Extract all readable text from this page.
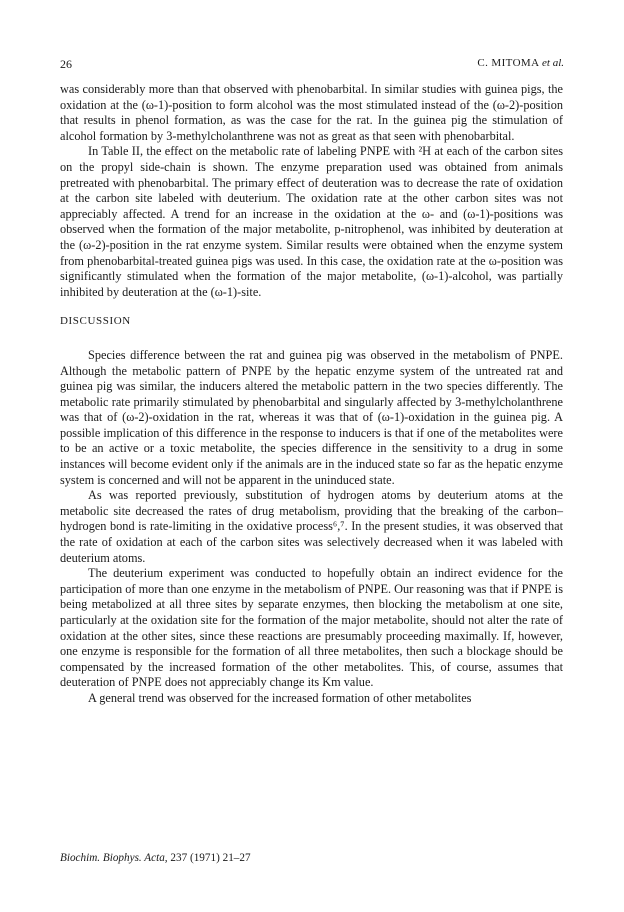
26	C. MITOMA et al.

was considerably more than that observed with phenobarbital. In similar studies with guinea pigs, the oxidation at the (ω-1)-position to form alcohol was the most stimulated instead of the (ω-2)-position that results in phenol formation, as was the case for the rat. In the guinea pig the stimulation of alcohol formation by 3-methylcholanthrene was not as great as that seen with phenobarbital.

In Table II, the effect on the metabolic rate of labeling PNPE with ²H at each of the carbon sites on the propyl side-chain is shown. The enzyme preparation used was obtained from animals pretreated with phenobarbital. The primary effect of deuteration was to decrease the rate of oxidation at the carbon site labeled with deuterium. The oxidation rate at the other carbon sites was not appreciably affected. A trend for an increase in the oxidation at the ω- and (ω-1)-positions was observed when the formation of the major metabolite, p-nitrophenol, was inhibited by deuteration at the (ω-2)-position in the rat enzyme system. Similar results were obtained when the enzyme system from phenobarbital-treated guinea pigs was used. In this case, the oxidation rate at the ω-position was significantly stimulated when the formation of the major metabolite, (ω-1)-alcohol, was partially inhibited by deuteration at the (ω-1)-site.

DISCUSSION

Species difference between the rat and guinea pig was observed in the metabolism of PNPE. Although the metabolic pattern of PNPE by the hepatic enzyme system of the untreated rat and guinea pig was similar, the inducers altered the metabolic pattern in the two species differently. The metabolic rate primarily stimulated by phenobarbital and singularly affected by 3-methylcholanthrene was that of (ω-2)-oxidation in the rat, whereas it was that of (ω-1)-oxidation in the guinea pig. A possible implication of this difference in the response to inducers is that if one of the metabolites were to be an active or a toxic metabolite, the species difference in the sensitivity to a drug in some instances will become evident only if the animals are in the induced state so far as the hepatic enzyme system is concerned and will not be apparent in the uninduced state.

As was reported previously, substitution of hydrogen atoms by deuterium atoms at the metabolic site decreased the rates of drug metabolism, providing that the breaking of the carbon–hydrogen bond is rate-limiting in the oxidative process⁶,⁷. In the present studies, it was observed that the rate of oxidation at each of the carbon sites was selectively decreased when it was labeled with deuterium atoms.

The deuterium experiment was conducted to hopefully obtain an indirect evidence for the participation of more than one enzyme in the metabolism of PNPE. Our reasoning was that if PNPE is being metabolized at all three sites by separate enzymes, then blocking the metabolism at one site, particularly at the oxidation site for the formation of the major metabolite, should not alter the rate of oxidation at the other sites, since these reactions are presumably proceeding maximally. If, however, one enzyme is responsible for the formation of all three metabolites, then such a blockage should be compensated by the increased formation of the other metabolites. This, of course, assumes that deuteration of PNPE does not appreciably change its Km value.

A general trend was observed for the increased formation of other metabolites

Biochim. Biophys. Acta, 237 (1971) 21–27
